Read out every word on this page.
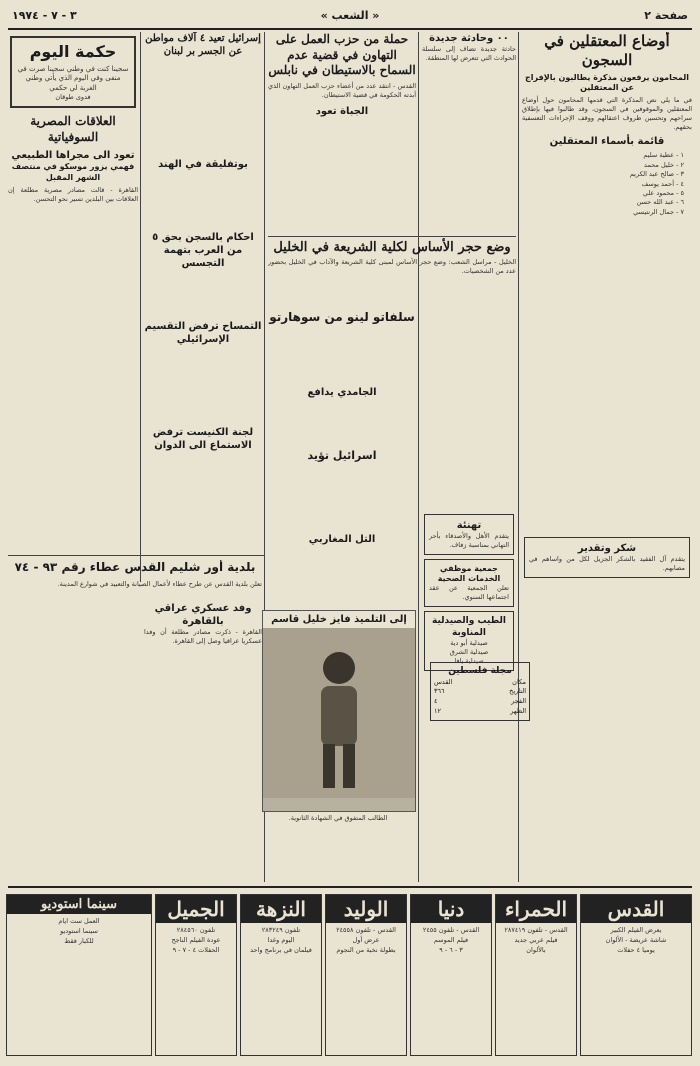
صفحة ٢
« الشعب »
٣ - ٧ - ١٩٧٤
أوضاع المعتقلين في السجون
المحامون يرفعون مذكرة يطالبون بالإفراج عن المعتقلين

في ما يلي نص المذكرة التي قدمها المحامون حول أوضاع المعتقلين والموقوفين في السجون، وقد طالبوا فيها بإطلاق سراحهم وتحسين ظروف اعتقالهم ووقف الإجراءات التعسفية بحقهم.

قائمة بأسماء المعتقلين
• ١ - عطية سليم
• ٢ - خليل محمد
• ٣ - صالح عبد الكريم
• ٤ - أحمد يوسف
• ٥ - محمود علي
• ٦ - عبد الله حسن
• ٧ - جمال الرنتيسي
شكر وتقدير
يتقدم آل الفقيد بالشكر الجزيل لكل من واساهم في مصابهم.
٠٠ وحادثة جديدة
حادثة جديدة تضاف إلى سلسلة الحوادث التي تتعرض لها المنطقة.
وضع حجر الأساس لكلية الشريعة في الخليل
الخليل - مراسل الشعب: وضع حجر الأساس لمبنى كلية الشريعة والآداب في الخليل بحضور عدد من الشخصيات.
تهنئة
يتقدم الأهل والأصدقاء بأحر التهاني بمناسبة زفاف.
جمعية موظفي الخدمات الصحية
تعلن الجمعية عن عقد اجتماعها السنوي.
الطيب والصيدلية المناوبة
صيدلية أبو دية
صيدلية الشرق
صيدلية يافا
مجلة فلسطين
مكان
القدس
التاريخ
٣٦٦
الفجر
٤
الظهر
١٢
حملة من حزب العمل على التهاون في قضية عدم السماح بالاستيطان في نابلس
القدس - انتقد عدد من أعضاء حزب العمل التهاون الذي أبدته الحكومة في قضية الاستيطان.
الجباة تعود
سلفاتو لينو من سوهارتو
الجامدي يدافع
اسرائيل تؤيد
التل المغاربي
إلى التلميذ فايز خليل قاسم
الطالب المتفوق في الشهادة الثانوية.
إسرائيل تعيد ٤ آلاف مواطن عن الجسر بر لبنان
بوتفليقة في الهند
احكام بالسجن بحق ٥ من العرب بتهمة التجسس
التمساح ترفض التقسيم الإسرائيلي
لجنة الكنيست ترفض الاستماع الى الدوان
وفد عسكري عراقي بالقاهرة
القاهرة - ذكرت مصادر مطلعة أن وفدا عسكريا عراقيا وصل إلى القاهرة.
حكمة اليوم
سجينا كنت في وطني سجينا صرت في منفى وفي اليوم الذي يأتي وطني الغربة لي حكمي
فدوى طوقان
العلاقات المصرية السوفياتية
تعود الى مجراها الطبيعي
فهمي يزور موسكو في منتصف الشهر المقبل
القاهرة - قالت مصادر مصرية مطلعة إن العلاقات بين البلدين تسير نحو التحسن.
بلدية أور شليم القدس عطاء رقم ٩٣ - ٧٤
تعلن بلدية القدس عن طرح عطاء لأعمال الصيانة والتعبيد في شوارع المدينة.
القدس

يعرض الفيلم الكبير

شاشة عريضة - الألوان

يوميا ٤ حفلات

الحمراء

القدس - تلفون ٢٨٧٤١٩

فيلم عربي جديد

بالألوان

دنيا

القدس - تلفون ٢٤٥٥

فيلم الموسم

٣ - ٦ - ٩

الوليد

القدس - تلفون ٢٤٥٥٨

عرض أول

بطولة نخبة من النجوم

النزهة

تلفون ٢٨٣٢٤٩

اليوم وغدا

فيلمان في برنامج واحد

الجميل

تلفون ٢٨٤٥٦٠

عودة الفيلم الناجح

الحفلات ٤ - ٧ - ٩

سينما استوديو

العمل ست ايام

سينما استوديو

للكبار فقط
